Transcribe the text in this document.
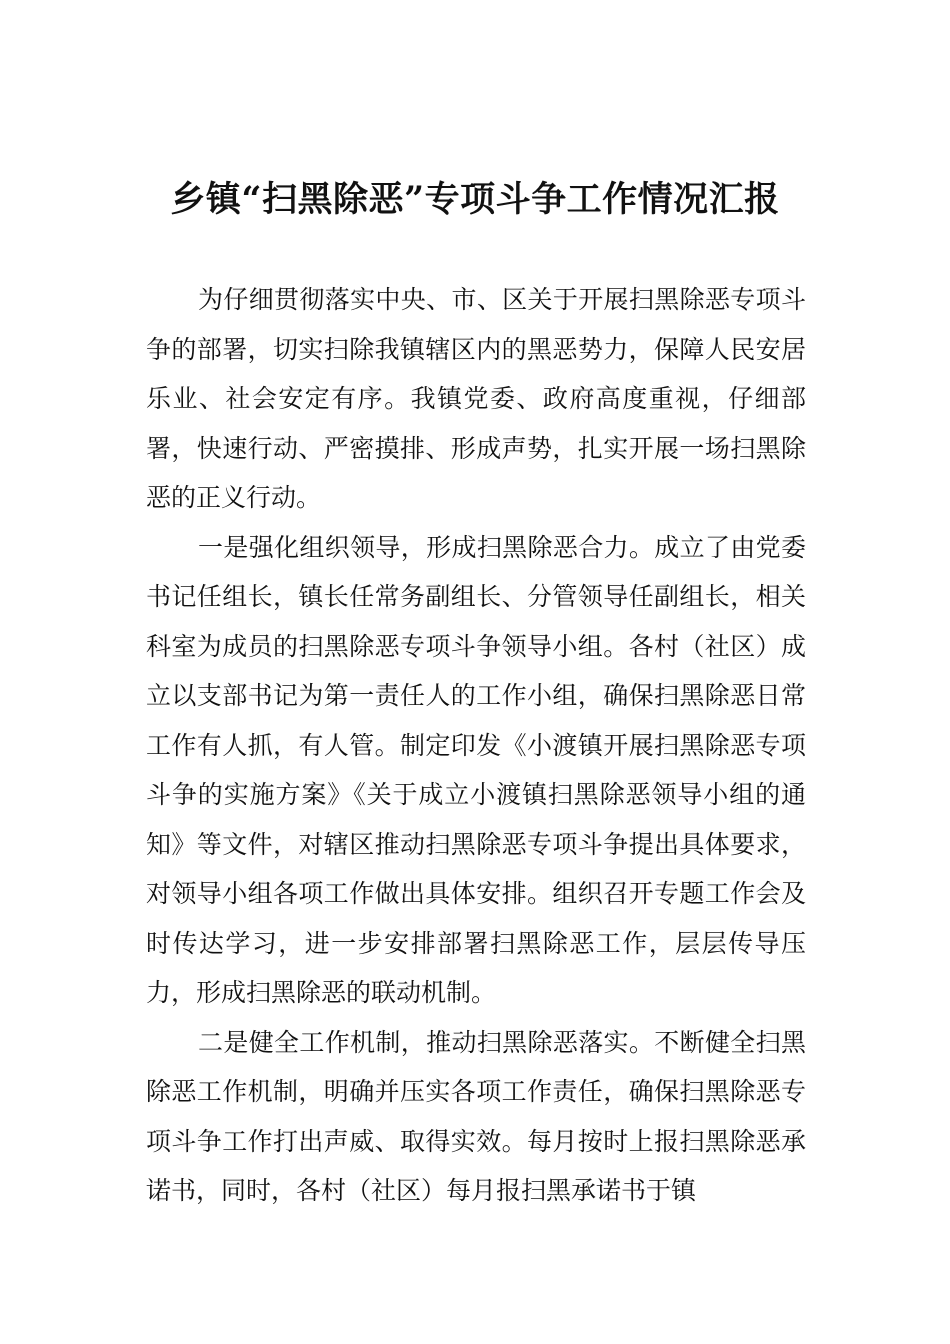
乡镇“扫黑除恶”专项斗争工作情况汇报

为仔细贯彻落实中央、市、区关于开展扫黑除恶专项斗争的部署，切实扫除我镇辖区内的黑恶势力，保障人民安居乐业、社会安定有序。我镇党委、政府高度重视，仔细部署，快速行动、严密摸排、形成声势，扎实开展一场扫黑除恶的正义行动。

一是强化组织领导，形成扫黑除恶合力。成立了由党委书记任组长，镇长任常务副组长、分管领导任副组长，相关科室为成员的扫黑除恶专项斗争领导小组。各村（社区）成立以支部书记为第一责任人的工作小组，确保扫黑除恶日常工作有人抓，有人管。制定印发《小渡镇开展扫黑除恶专项斗争的实施方案》《关于成立小渡镇扫黑除恶领导小组的通知》等文件，对辖区推动扫黑除恶专项斗争提出具体要求，对领导小组各项工作做出具体安排。组织召开专题工作会及时传达学习，进一步安排部署扫黑除恶工作，层层传导压力，形成扫黑除恶的联动机制。

二是健全工作机制，推动扫黑除恶落实。不断健全扫黑除恶工作机制，明确并压实各项工作责任，确保扫黑除恶专项斗争工作打出声威、取得实效。每月按时上报扫黑除恶承诺书，同时，各村（社区）每月报扫黑承诺书于镇
